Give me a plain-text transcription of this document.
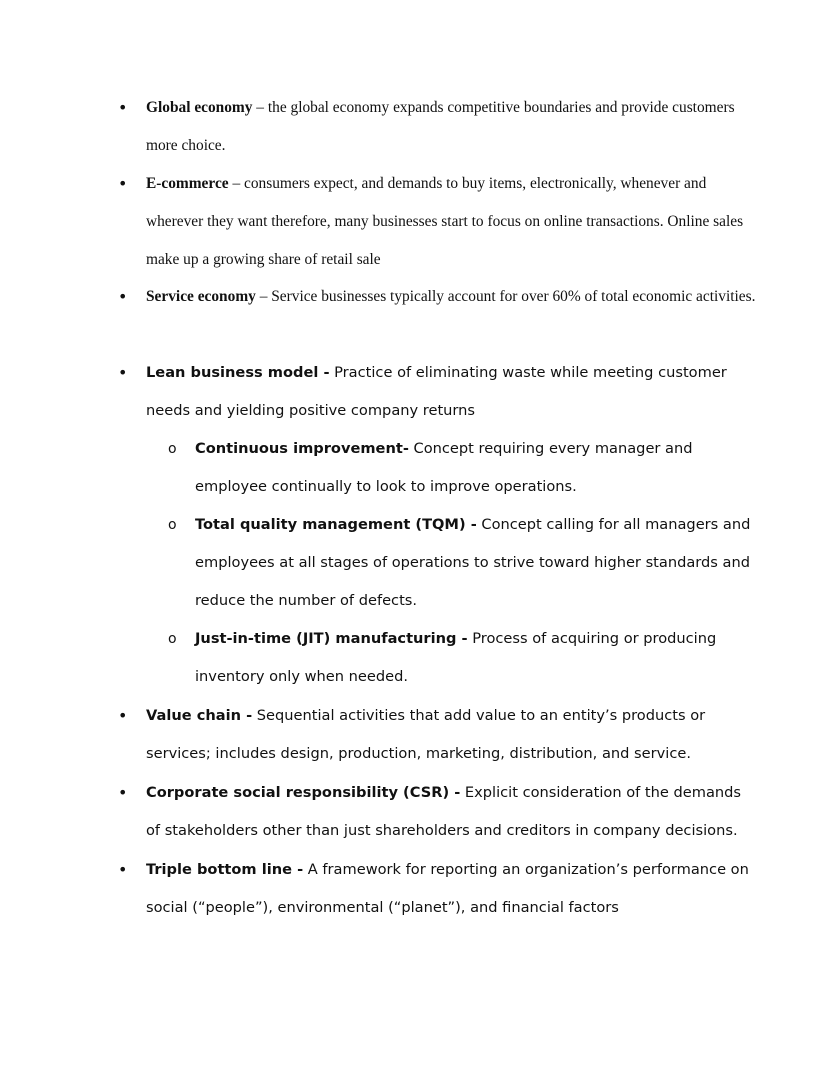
• Global economy – the global economy expands competitive boundaries and provide customers more choice.

• E-commerce – consumers expect, and demands to buy items, electronically, whenever and wherever they want therefore, many businesses start to focus on online transactions. Online sales make up a growing share of retail sale

• Service economy – Service businesses typically account for over 60% of total economic activities.

• Lean business model - Practice of eliminating waste while meeting customer needs and yielding positive company returns

o Continuous improvement- Concept requiring every manager and employee continually to look to improve operations.

o Total quality management (TQM) - Concept calling for all managers and employees at all stages of operations to strive toward higher standards and reduce the number of defects.

o Just-in-time (JIT) manufacturing - Process of acquiring or producing inventory only when needed.

• Value chain - Sequential activities that add value to an entity’s products or services; includes design, production, marketing, distribution, and service.

• Corporate social responsibility (CSR) - Explicit consideration of the demands of stakeholders other than just shareholders and creditors in company decisions.

• Triple bottom line - A framework for reporting an organization’s performance on social (“people”), environmental (“planet”), and financial factors
